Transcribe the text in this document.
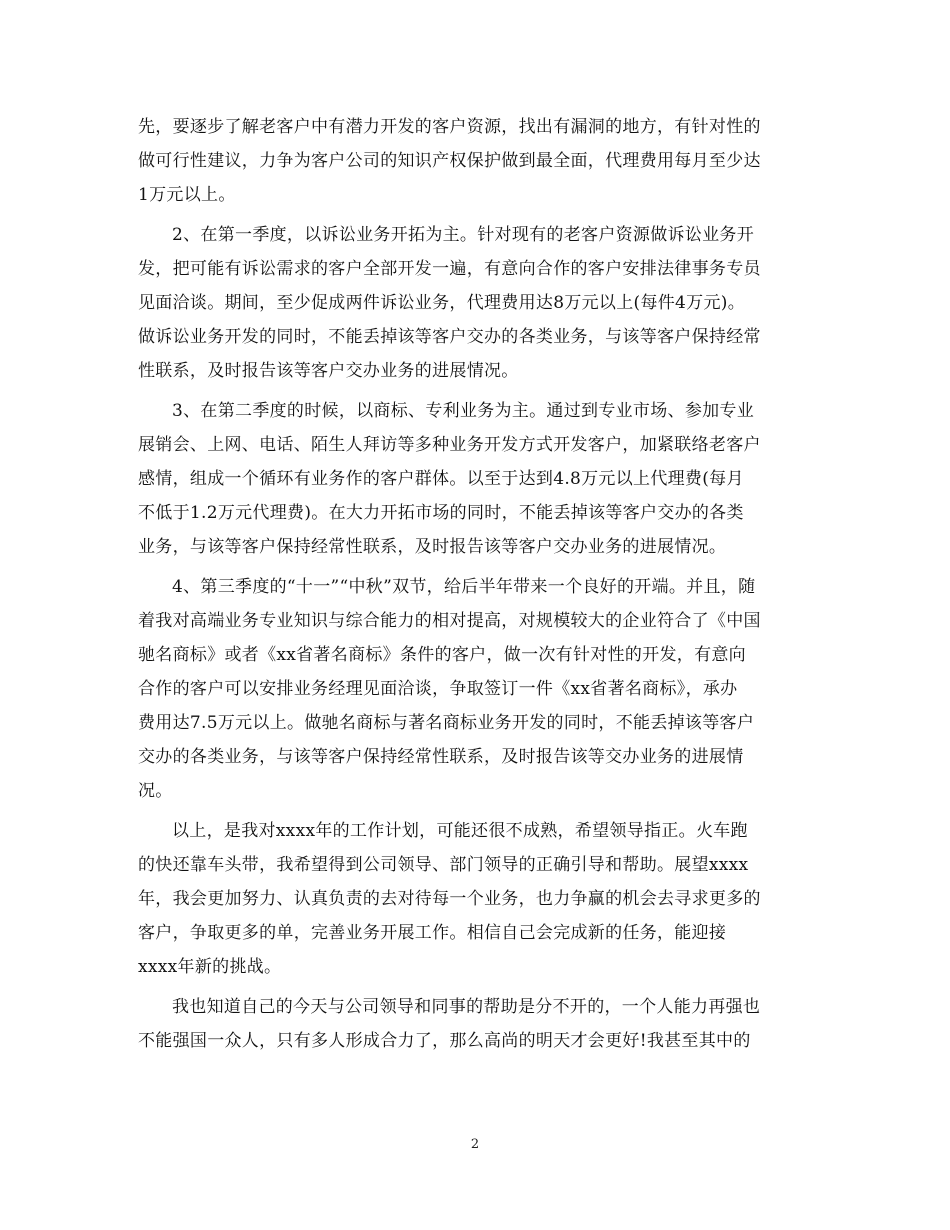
先，要逐步了解老客户中有潜力开发的客户资源，找出有漏洞的地方，有针对性的
做可行性建议，力争为客户公司的知识产权保护做到最全面，代理费用每月至少达
1万元以上。

2、在第一季度，以诉讼业务开拓为主。针对现有的老客户资源做诉讼业务开
发，把可能有诉讼需求的客户全部开发一遍，有意向合作的客户安排法律事务专员
见面洽谈。期间，至少促成两件诉讼业务，代理费用达8万元以上(每件4万元)。
做诉讼业务开发的同时，不能丢掉该等客户交办的各类业务，与该等客户保持经常
性联系，及时报告该等客户交办业务的进展情况。

3、在第二季度的时候，以商标、专利业务为主。通过到专业市场、参加专业
展销会、上网、电话、陌生人拜访等多种业务开发方式开发客户，加紧联络老客户
感情，组成一个循环有业务作的客户群体。以至于达到4.8万元以上代理费(每月
不低于1.2万元代理费)。在大力开拓市场的同时，不能丢掉该等客户交办的各类
业务，与该等客户保持经常性联系，及时报告该等客户交办业务的进展情况。

4、第三季度的“十一”“中秋”双节，给后半年带来一个良好的开端。并且，随
着我对高端业务专业知识与综合能力的相对提高，对规模较大的企业符合了《中国
驰名商标》或者《xx省著名商标》条件的客户，做一次有针对性的开发，有意向
合作的客户可以安排业务经理见面洽谈，争取签订一件《xx省著名商标》，承办
费用达7.5万元以上。做驰名商标与著名商标业务开发的同时，不能丢掉该等客户
交办的各类业务，与该等客户保持经常性联系，及时报告该等交办业务的进展情
况。

以上，是我对xxxx年的工作计划，可能还很不成熟，希望领导指正。火车跑
的快还靠车头带，我希望得到公司领导、部门领导的正确引导和帮助。展望xxxx
年，我会更加努力、认真负责的去对待每一个业务，也力争赢的机会去寻求更多的
客户，争取更多的单，完善业务开展工作。相信自己会完成新的任务，能迎接
xxxx年新的挑战。

我也知道自己的今天与公司领导和同事的帮助是分不开的，一个人能力再强也
不能强国一众人，只有多人形成合力了，那么高尚的明天才会更好!我甚至其中的

2
